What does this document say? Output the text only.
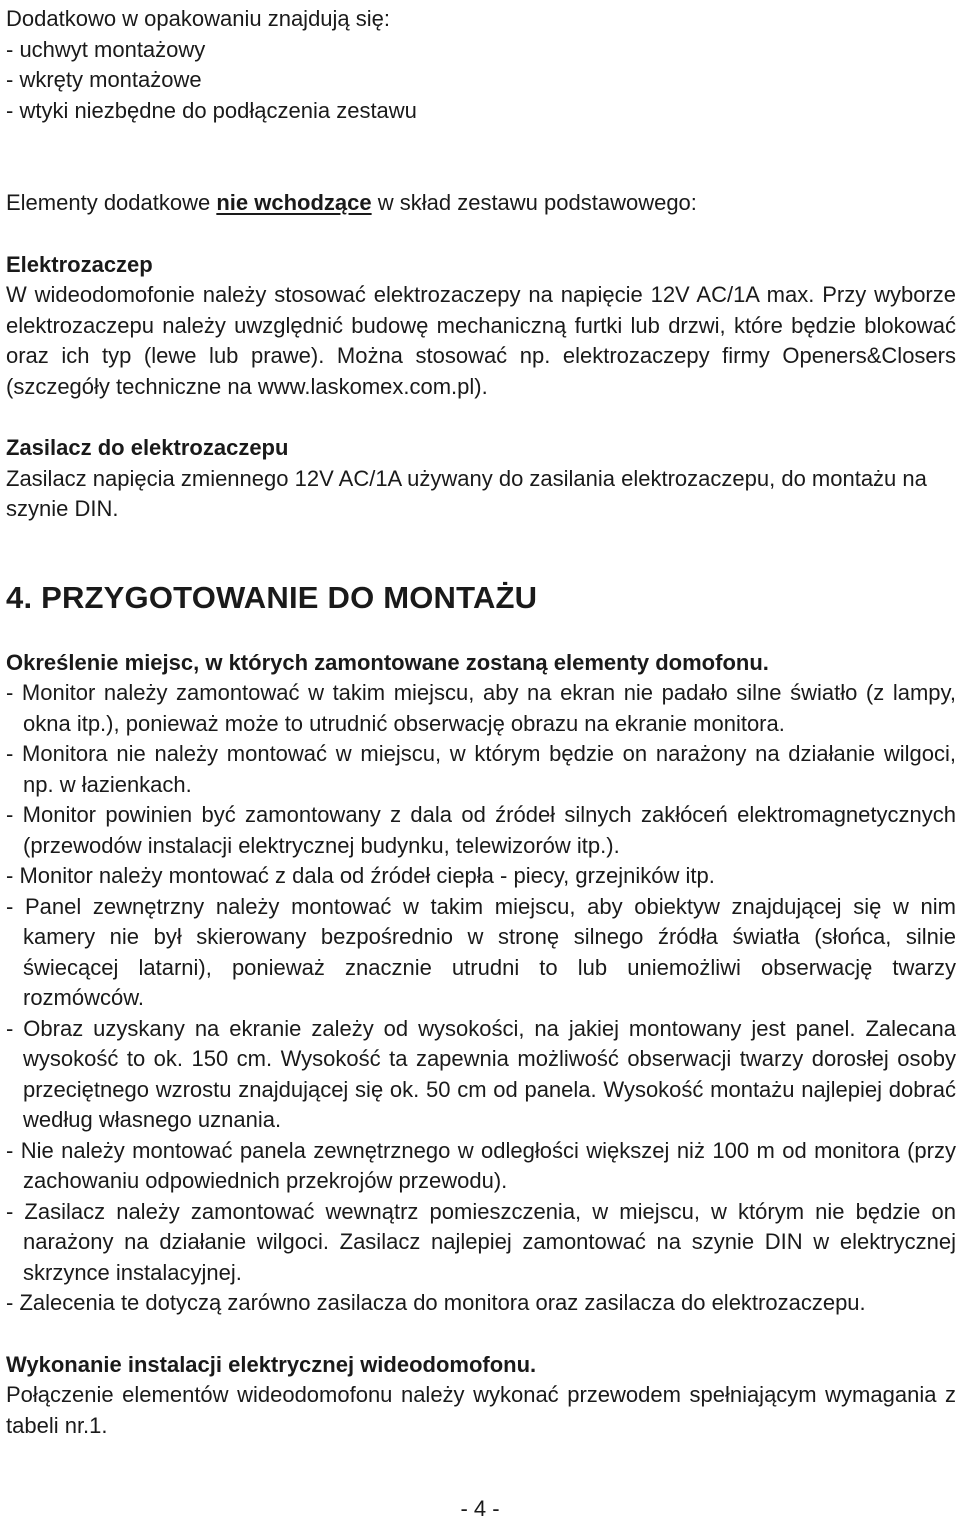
Dodatkowo w opakowaniu znajdują się:

- uchwyt montażowy

- wkręty montażowe

- wtyki niezbędne do podłączenia zestawu

Elementy dodatkowe nie wchodzące w skład zestawu podstawowego:

Elektrozaczep

W wideodomofonie należy stosować elektrozaczepy na napięcie 12V AC/1A max. Przy wyborze elektrozaczepu należy uwzględnić budowę mechaniczną furtki lub drzwi, które będzie blokować oraz ich typ (lewe lub prawe). Można stosować np. elektrozaczepy firmy Openers&Closers (szczegóły techniczne na www.laskomex.com.pl).

Zasilacz do elektrozaczepu

Zasilacz napięcia zmiennego 12V AC/1A używany do zasilania elektrozaczepu, do montażu na szynie DIN.

4. PRZYGOTOWANIE DO MONTAŻU

Określenie miejsc, w których zamontowane zostaną elementy domofonu.

- Monitor należy zamontować w takim miejscu, aby na ekran nie padało silne światło (z lampy, okna itp.), ponieważ może to utrudnić obserwację obrazu na ekranie monitora.

- Monitora nie należy montować w miejscu, w którym będzie on narażony na działanie wilgoci, np. w łazienkach.

- Monitor powinien być zamontowany z dala od źródeł silnych zakłóceń elektromagnetycznych (przewodów instalacji elektrycznej budynku, telewizorów itp.).

- Monitor należy montować z dala od źródeł ciepła - piecy, grzejników itp.

- Panel zewnętrzny należy montować w takim miejscu, aby obiektyw znajdującej się w nim kamery nie był skierowany bezpośrednio w stronę silnego źródła światła (słońca, silnie świecącej latarni), ponieważ znacznie utrudni to lub uniemożliwi obserwację twarzy rozmówców.

- Obraz uzyskany na ekranie zależy od wysokości, na jakiej montowany jest panel. Zalecana wysokość to ok. 150 cm. Wysokość ta zapewnia możliwość obserwacji twarzy dorosłej osoby przeciętnego wzrostu znajdującej się ok. 50 cm od panela. Wysokość montażu najlepiej dobrać według własnego uznania.

- Nie należy montować panela zewnętrznego w odległości większej niż 100 m od monitora (przy zachowaniu odpowiednich przekrojów przewodu).

- Zasilacz należy zamontować wewnątrz pomieszczenia, w miejscu, w którym nie będzie on narażony na działanie wilgoci. Zasilacz najlepiej zamontować na szynie DIN w elektrycznej skrzynce instalacyjnej.

- Zalecenia te dotyczą zarówno zasilacza do monitora oraz zasilacza do elektrozaczepu.

Wykonanie instalacji elektrycznej wideodomofonu.

Połączenie elementów wideodomofonu należy wykonać przewodem spełniającym wymagania z tabeli nr.1.

- 4 -
